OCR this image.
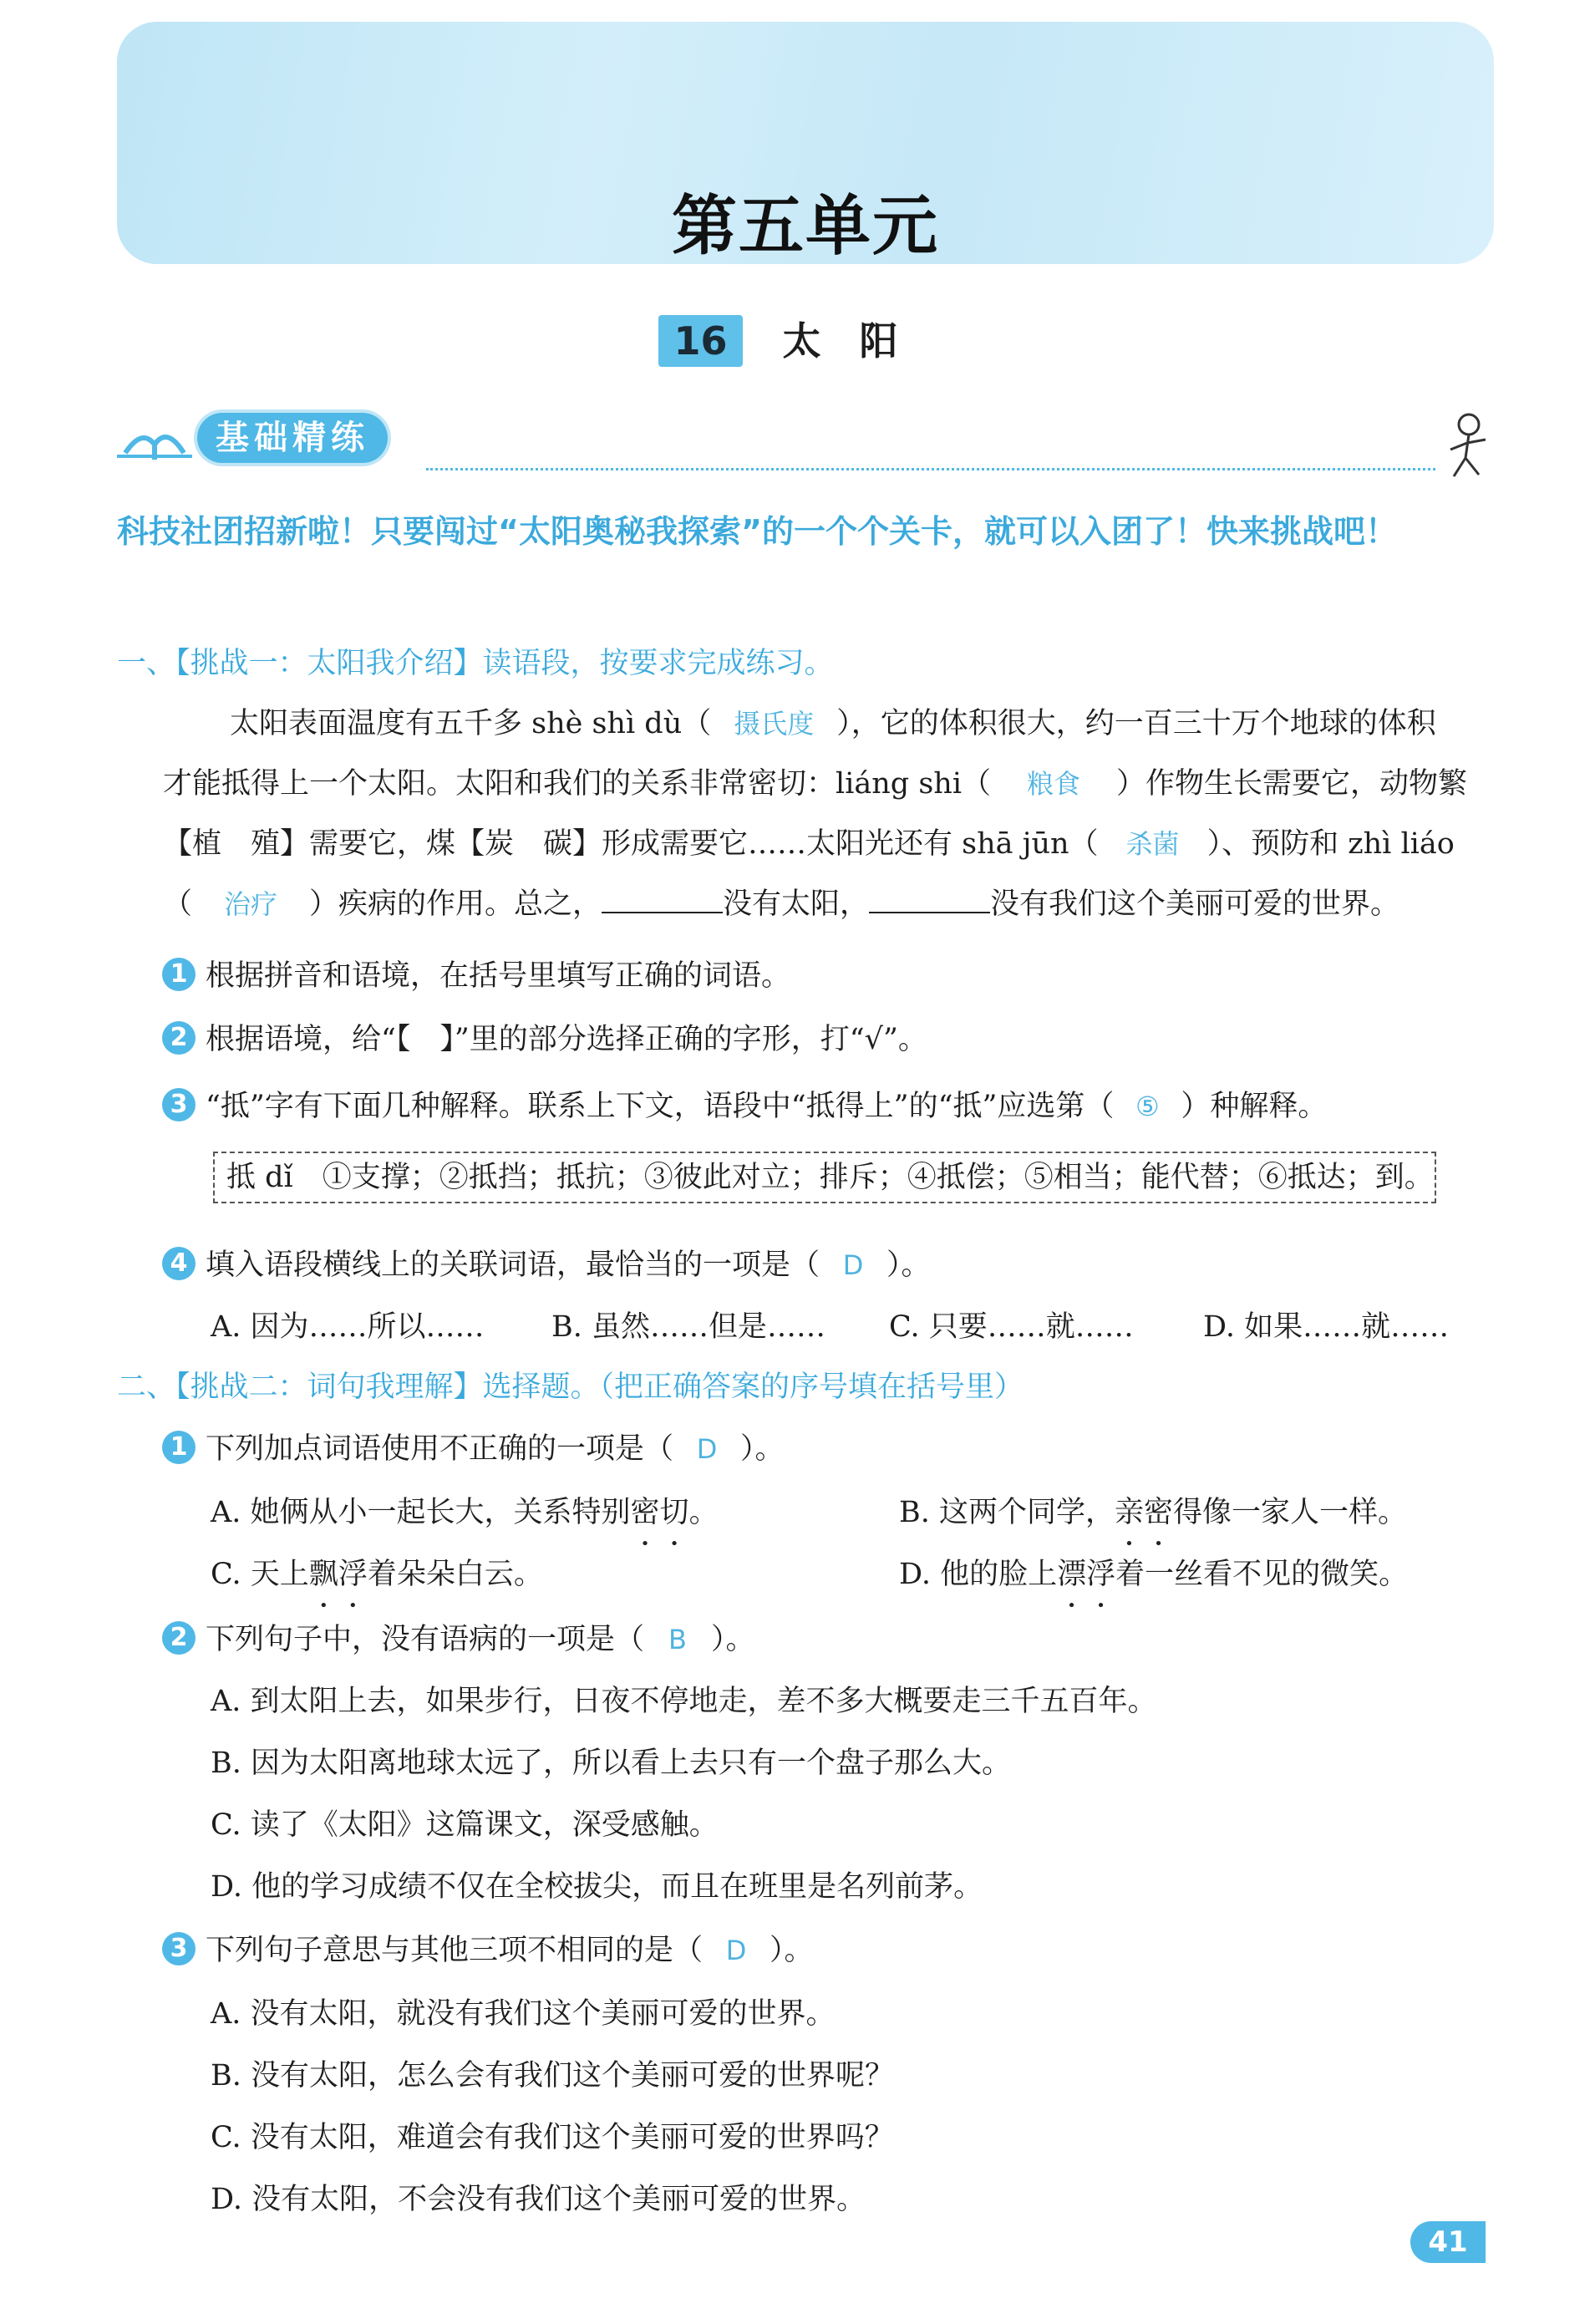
第五单元
16 太阳
基础精练
科技社团招新啦！只要闯过“太阳奥秘我探索”的一个个关卡，就可以入团了！快来挑战吧！
一、【挑战一：太阳我介绍】读语段，按要求完成练习。
太阳表面温度有五千多 shè shì dù（ 摄氏度 ），它的体积很大，约一百三十万个地球的体积
才能抵得上一个太阳。太阳和我们的关系非常密切：liáng shi（ 粮食 ）作物生长需要它，动物繁
【植　殖】需要它，煤【炭　碳】形成需要它……太阳光还有 shā jūn（ 杀菌 ）、预防和 zhì liáo
（ 治疗 ）疾病的作用。总之，	没有太阳，	没有我们这个美丽可爱的世界。
1 根据拼音和语境，在括号里填写正确的词语。
2 根据语境，给“【　】”里的部分选择正确的字形，打“√”。
3 “抵”字有下面几种解释。联系上下文，语段中“抵得上”的“抵”应选第（ ⑤ ）种解释。
抵 dǐ　①支撑；②抵挡；抵抗；③彼此对立；排斥；④抵偿；⑤相当；能代替；⑥抵达；到。
4 填入语段横线上的关联词语，最恰当的一项是（ D ）。
A. 因为……所以…… B. 虽然……但是…… C. 只要……就…… D. 如果……就……
二、【挑战二：词句我理解】选择题。（把正确答案的序号填在括号里）
1 下列加点词语使用不正确的一项是（ D ）。
A. 她俩从小一起长大，关系特别密切。	B. 这两个同学，亲密得像一家人一样。
C. 天上飘浮着朵朵白云。	D. 他的脸上漂浮着一丝看不见的微笑。
2 下列句子中，没有语病的一项是（ B ）。
A. 到太阳上去，如果步行，日夜不停地走，差不多大概要走三千五百年。
B. 因为太阳离地球太远了，所以看上去只有一个盘子那么大。
C. 读了《太阳》这篇课文，深受感触。
D. 他的学习成绩不仅在全校拔尖，而且在班里是名列前茅。
3 下列句子意思与其他三项不相同的是（ D ）。
A. 没有太阳，就没有我们这个美丽可爱的世界。
B. 没有太阳，怎么会有我们这个美丽可爱的世界呢？
C. 没有太阳，难道会有我们这个美丽可爱的世界吗？
D. 没有太阳，不会没有我们这个美丽可爱的世界。
41
